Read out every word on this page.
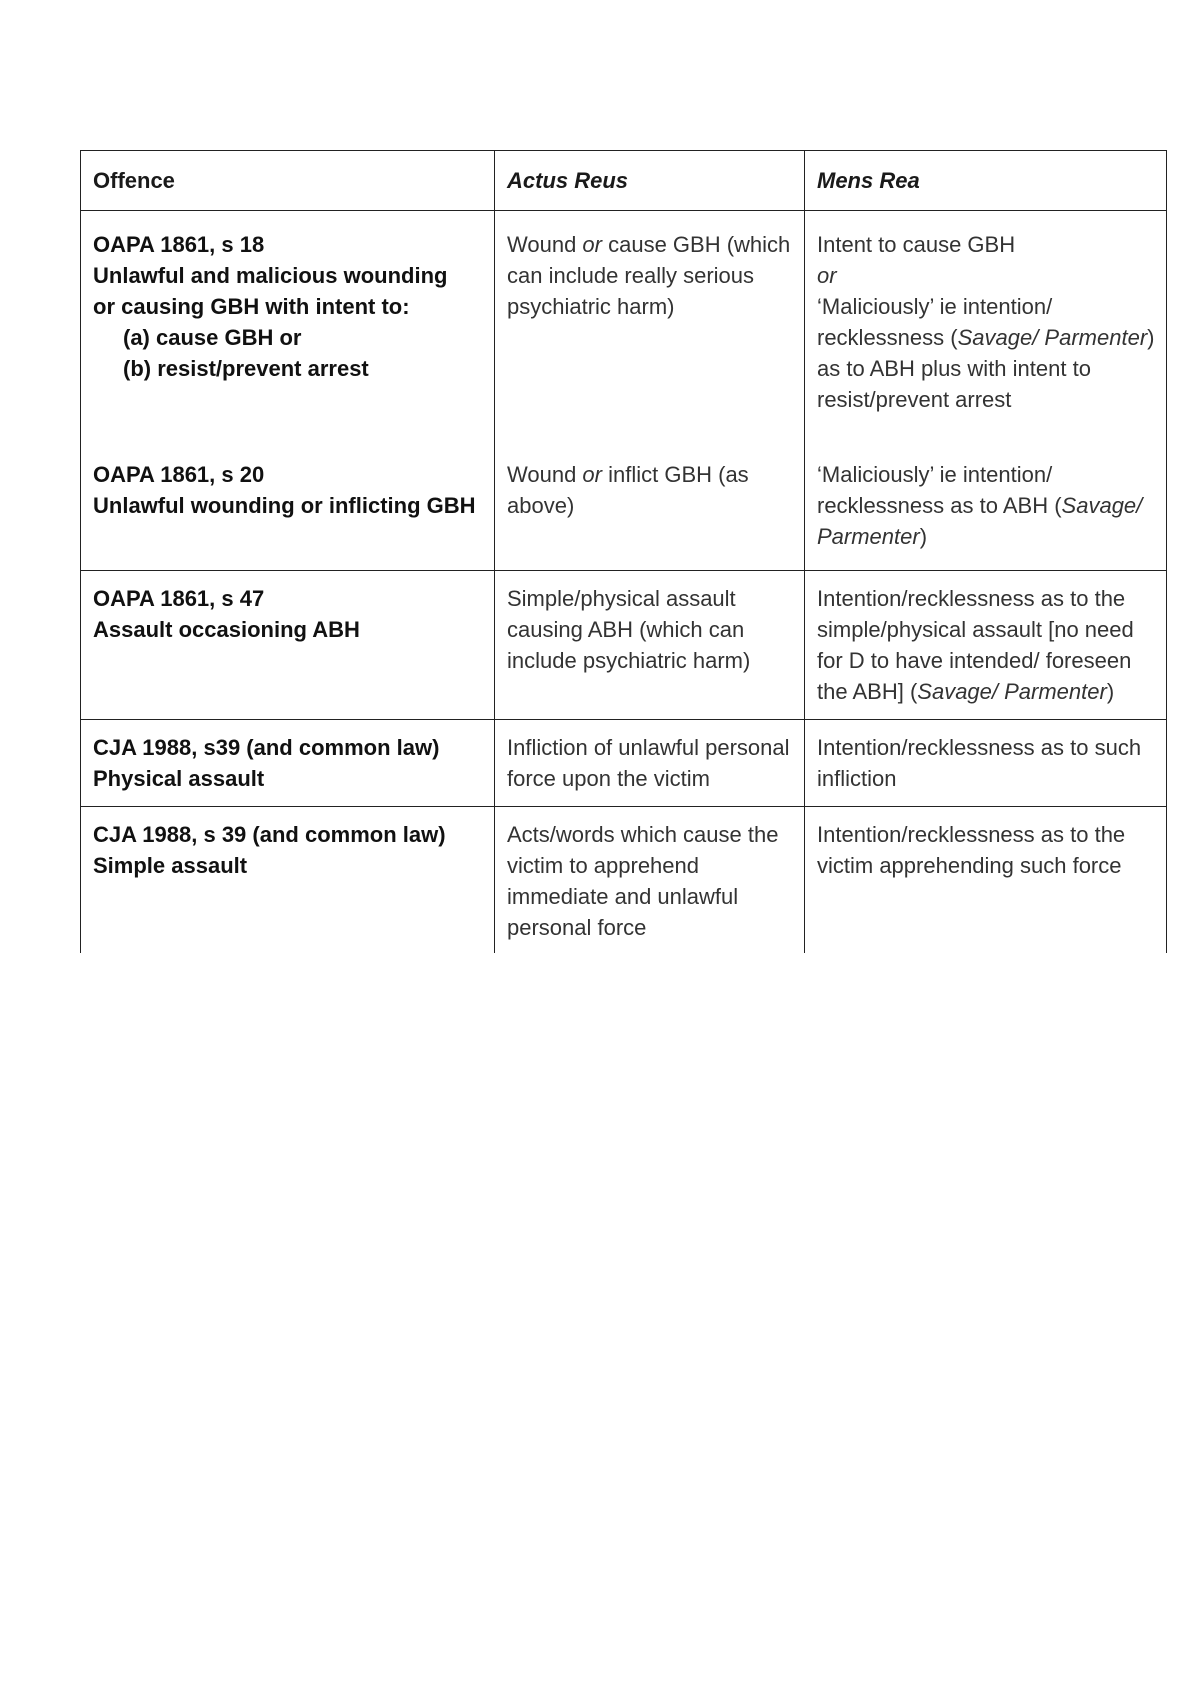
Offence	Actus Reus	Mens Rea

OAPA 1861, s 18
Unlawful and malicious wounding
or causing GBH with intent to:
(a) cause GBH or
(b) resist/prevent arrest	Wound or cause GBH (which can include really serious psychiatric harm)	Intent to cause GBH
or
‘Maliciously’ ie intention/ recklessness (Savage/ Parmenter) as to ABH plus with intent to resist/prevent arrest

OAPA 1861, s 20
Unlawful wounding or inflicting GBH	Wound or inflict GBH (as above)	‘Maliciously’ ie intention/ recklessness as to ABH (Savage/ Parmenter)

OAPA 1861, s 47
Assault occasioning ABH	Simple/physical assault causing ABH (which can include psychiatric harm)	Intention/recklessness as to the simple/physical assault [no need for D to have intended/ foreseen the ABH] (Savage/ Parmenter)

CJA 1988, s39 (and common law)
Physical assault	Infliction of unlawful personal force upon the victim	Intention/recklessness as to such infliction

CJA 1988, s 39 (and common law)
Simple assault	Acts/words which cause the victim to apprehend immediate and unlawful personal force	Intention/recklessness as to the victim apprehending such force
